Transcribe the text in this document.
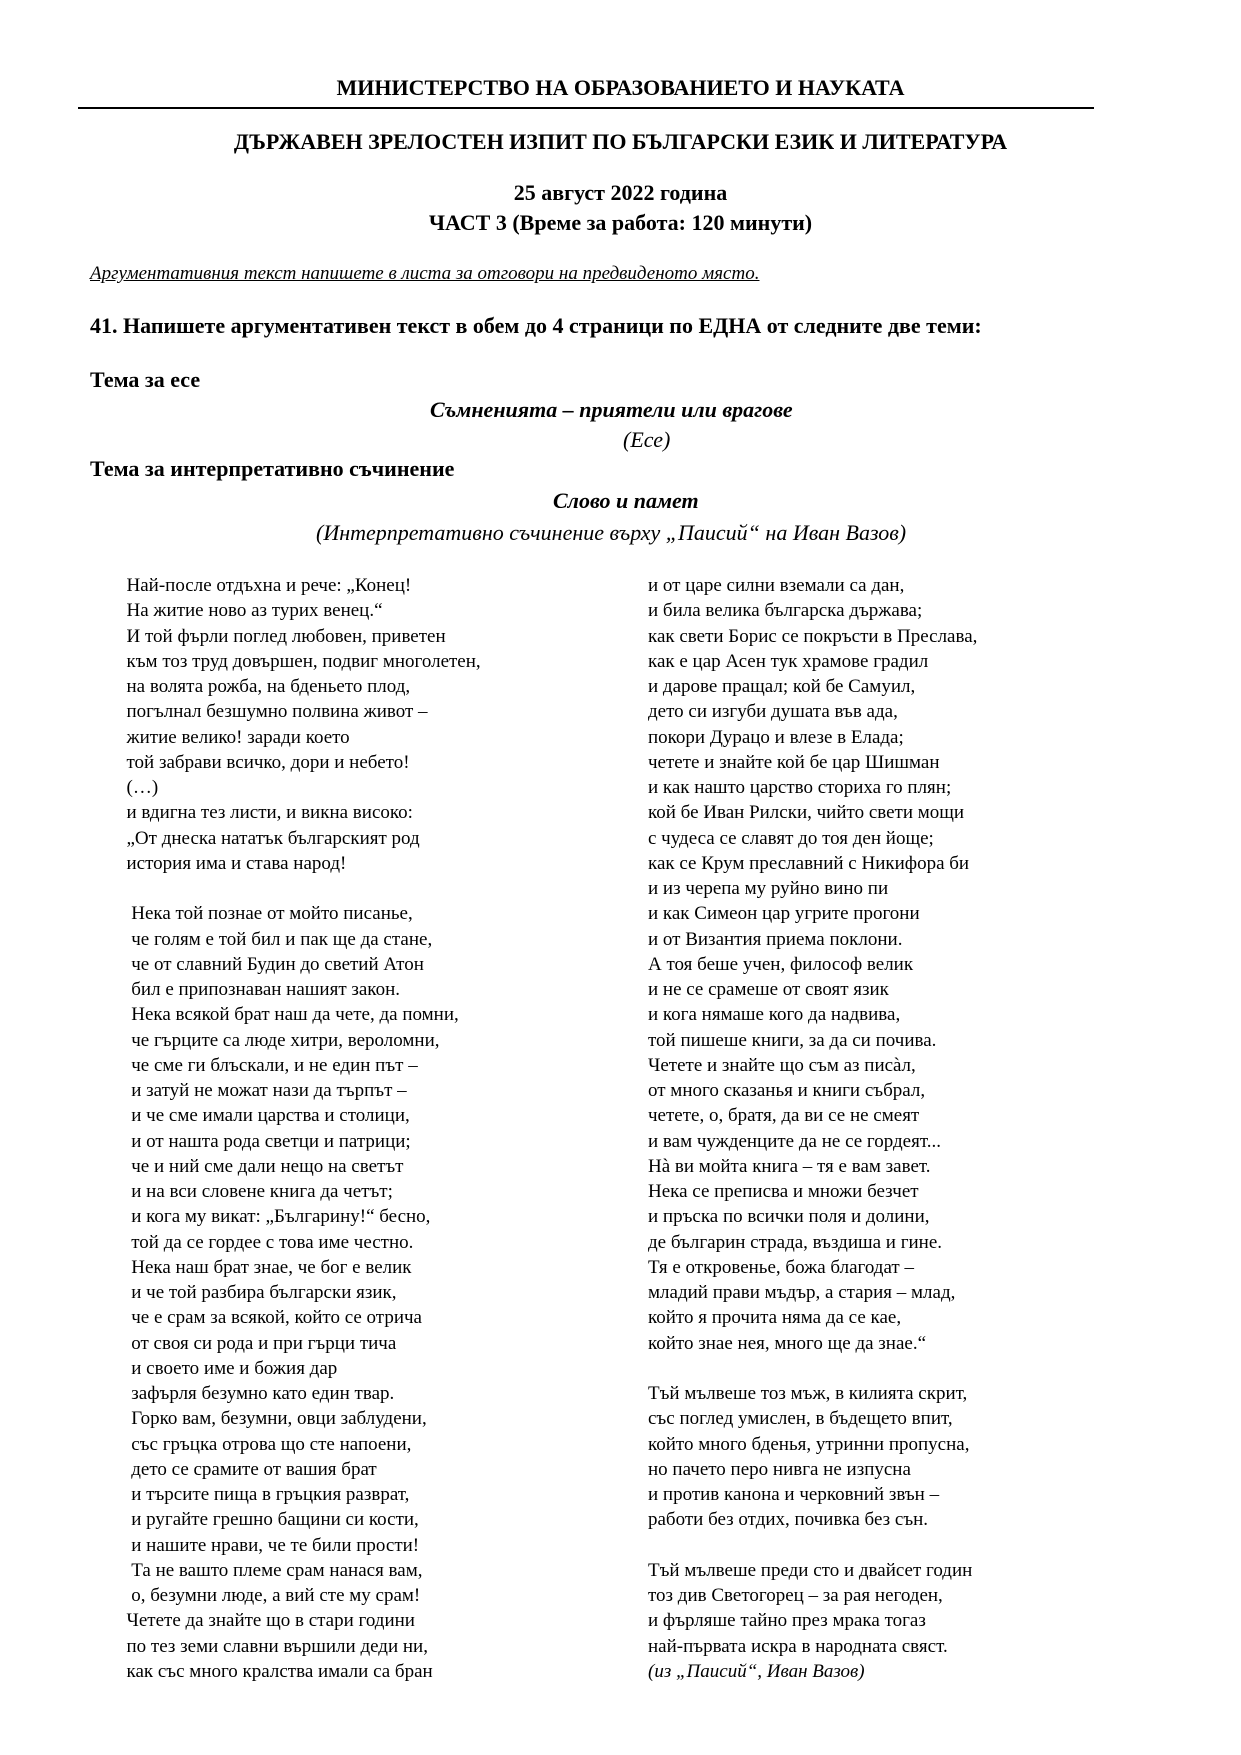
МИНИСТЕРСТВО НА ОБРАЗОВАНИЕТО И НАУКАТА
ДЪРЖАВЕН ЗРЕЛОСТЕН ИЗПИТ ПО БЪЛГАРСКИ ЕЗИК И ЛИТЕРАТУРА
25 август 2022 година
ЧАСТ 3 (Време за работа: 120 минути)
Аргументативния текст напишете в листа за отговори на предвиденото място.
41. Напишете аргументативен текст в обем до 4 страници по ЕДНА от следните две теми:
Тема за есе
Съмненията – приятели или врагове
(Есе)
Тема за интерпретативно съчинение
Слово и памет
(Интерпретативно съчинение върху „Паисий“ на Иван Вазов)
Най-после отдъхна и рече: „Конец!
На житие ново аз турих венец.“
И той фърли поглед любовен, приветен
към тоз труд довършен, подвиг многолетен,
на волята рожба, на бденьето плод,
погълнал безшумно полвина живот –
житие велико! заради което
той забрави всичко, дори и небето!
(…)
и вдигна тез листи, и викна високо:
„От днеска нататък българският род
история има и става народ!
Нека той познае от мойто писанье,
че голям е той бил и пак ще да стане,
че от славний Будин до светий Атон
бил е припознаван нашият закон.
Нека всякой брат наш да чете, да помни,
че гърците са люде хитри, вероломни,
че сме ги блъскали, и не един път –
и затуй не можат нази да търпът –
и че сме имали царства и столици,
и от нашта рода светци и патрици;
че и ний сме дали нещо на светът
и на вси словене книга да четът;
и кога му викат: „Българину!“ бесно,
той да се гордее с това име честно.
Нека наш брат знае, че бог е велик
и че той разбира български язик,
че е срам за всякой, който се отрича
от своя си рода и при гърци тича
и своето име и божия дар
зафърля безумно като един твар.
Горко вам, безумни, овци заблудени,
със гръцка отрова що сте напоени,
дето се срамите от вашия брат
и търсите пища в гръцкия разврат,
и ругайте грешно бащини си кости,
и нашите нрави, че те били прости!
Та не вашто племе срам нанася вам,
о, безумни люде, а вий сте му срам!
Четете да знайте що в стари години
по тез земи славни вършили деди ни,
как със много кралства имали са бран
и от царе силни вземали са дан,
и била велика българска държава;
как свети Борис се покръсти в Преслава,
как е цар Асен тук храмове градил
и дарове пращал; кой бе Самуил,
дето си изгуби душата във ада,
покори Дурацо и влезе в Елада;
четете и знайте кой бе цар Шишман
и как нашто царство сториха го плян;
кой бе Иван Рилски, чийто свети мощи
с чудеса се славят до тоя ден йоще;
как се Крум преславний с Никифора би
и из черепа му руйно вино пи
и как Симеон цар угрите прогони
и от Византия приема поклони.
А тоя беше учен, философ велик
и не се срамеше от своят язик
и кога нямаше кого да надвива,
той пишеше книги, за да си почива.
Четете и знайте що съм аз писàл,
от много сказанья и книги събрал,
четете, о, братя, да ви се не смеят
и вам чужденците да не се гордеят...
Нà ви мойта книга – тя е вам завет.
Нека се преписва и множи безчет
и пръска по всички поля и долини,
де българин страда, въздиша и гине.
Тя е откровенье, божа благодат –
младий прави мъдър, а стария – млад,
който я прочита няма да се кае,
който знае нея, много ще да знае.“
Тъй мълвеше тоз мъж, в килията скрит,
със поглед умислен, в бъдещето впит,
който много бденья, утринни пропусна,
но пачето перо нивга не изпусна
и против канона и черковний звън –
работи без отдих, почивка без сън.
Тъй мълвеше преди сто и двайсет годин
тоз див Светогорец – за рая негоден,
и фърляше тайно през мрака тогаз
най-първата искра в народната свяст.
(из „Паисий“, Иван Вазов)
